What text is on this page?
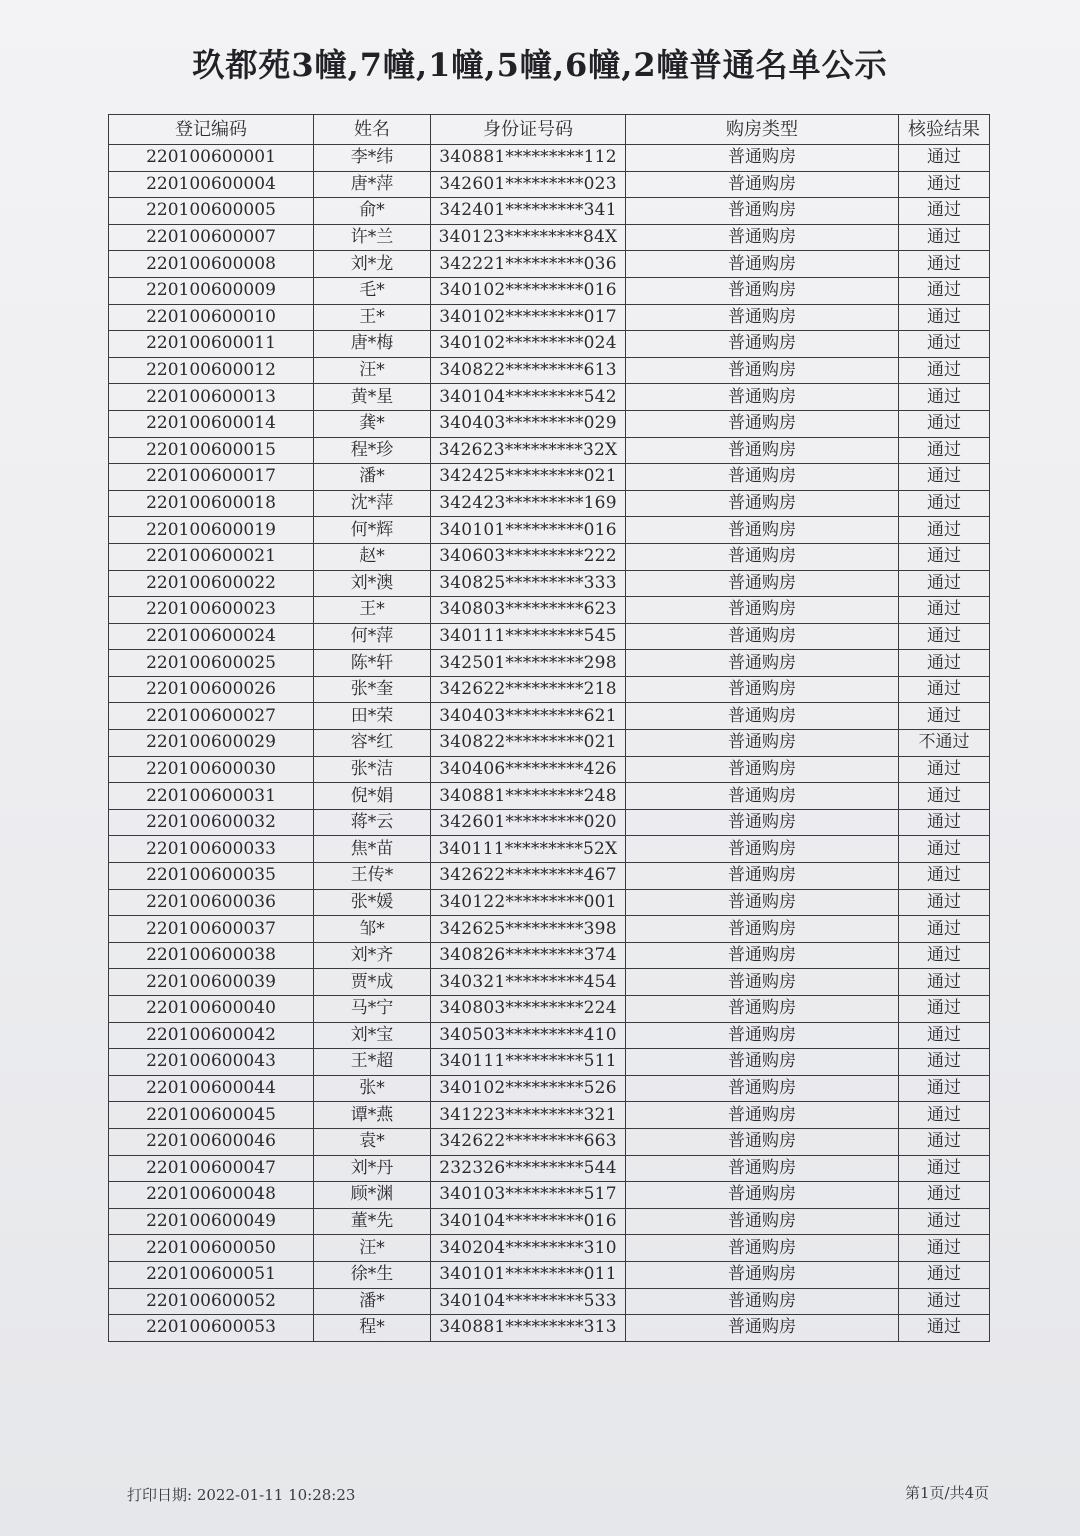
玖都苑3幢,7幢,1幢,5幢,6幢,2幢普通名单公示
登记编码	姓名	身份证号码	购房类型	核验结果
220100600001	李*纬	340881*********112	普通购房	通过
220100600004	唐*萍	342601*********023	普通购房	通过
220100600005	俞*	342401*********341	普通购房	通过
220100600007	许*兰	340123*********84X	普通购房	通过
220100600008	刘*龙	342221*********036	普通购房	通过
220100600009	毛*	340102*********016	普通购房	通过
220100600010	王*	340102*********017	普通购房	通过
220100600011	唐*梅	340102*********024	普通购房	通过
220100600012	汪*	340822*********613	普通购房	通过
220100600013	黄*星	340104*********542	普通购房	通过
220100600014	龚*	340403*********029	普通购房	通过
220100600015	程*珍	342623*********32X	普通购房	通过
220100600017	潘*	342425*********021	普通购房	通过
220100600018	沈*萍	342423*********169	普通购房	通过
220100600019	何*辉	340101*********016	普通购房	通过
220100600021	赵*	340603*********222	普通购房	通过
220100600022	刘*澳	340825*********333	普通购房	通过
220100600023	王*	340803*********623	普通购房	通过
220100600024	何*萍	340111*********545	普通购房	通过
220100600025	陈*轩	342501*********298	普通购房	通过
220100600026	张*奎	342622*********218	普通购房	通过
220100600027	田*荣	340403*********621	普通购房	通过
220100600029	容*红	340822*********021	普通购房	不通过
220100600030	张*洁	340406*********426	普通购房	通过
220100600031	倪*娟	340881*********248	普通购房	通过
220100600032	蒋*云	342601*********020	普通购房	通过
220100600033	焦*苗	340111*********52X	普通购房	通过
220100600035	王传*	342622*********467	普通购房	通过
220100600036	张*媛	340122*********001	普通购房	通过
220100600037	邹*	342625*********398	普通购房	通过
220100600038	刘*齐	340826*********374	普通购房	通过
220100600039	贾*成	340321*********454	普通购房	通过
220100600040	马*宁	340803*********224	普通购房	通过
220100600042	刘*宝	340503*********410	普通购房	通过
220100600043	王*超	340111*********511	普通购房	通过
220100600044	张*	340102*********526	普通购房	通过
220100600045	谭*燕	341223*********321	普通购房	通过
220100600046	袁*	342622*********663	普通购房	通过
220100600047	刘*丹	232326*********544	普通购房	通过
220100600048	顾*渊	340103*********517	普通购房	通过
220100600049	董*先	340104*********016	普通购房	通过
220100600050	汪*	340204*********310	普通购房	通过
220100600051	徐*生	340101*********011	普通购房	通过
220100600052	潘*	340104*********533	普通购房	通过
220100600053	程*	340881*********313	普通购房	通过
打印日期: 2022-01-11 10:28:23	第1页/共4页
